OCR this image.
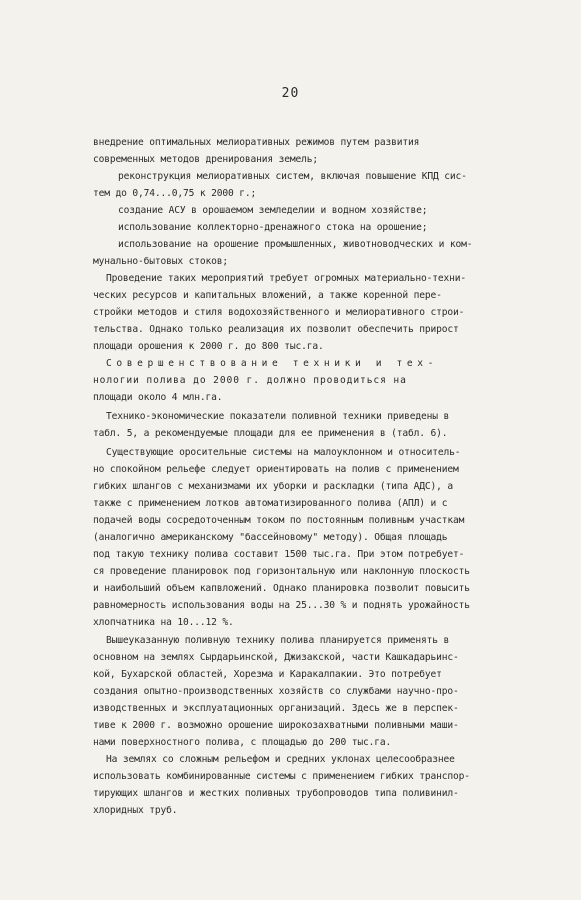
20
внедрение оптимальных мелиоративных режимов путем развития
современных методов дренирования земель;
реконструкция мелиоративных систем, включая повышение КПД сис-
тем до 0,74...0,75 к 2000 г.;
создание АСУ в орошаемом земледелии и водном хозяйстве;
использование коллекторно-дренажного стока на орошение;
использование на орошение промышленных, животноводческих и ком-
мунально-бытовых стоков;
Проведение таких мероприятий требует огромных материально-техни-
ческих ресурсов и капитальных вложений, а также коренной пере-
стройки методов и стиля водохозяйственного и мелиоративного строи-
тельства. Однако только реализация их позволит обеспечить прирост
площади орошения к 2000 г. до 800 тыс.га.
Совершенствование техники и тех-
нологии полива до 2000 г. должно проводиться на
площади около 4 млн.га.
Технико-экономические показатели поливной техники приведены в
табл. 5, а рекомендуемые площади для ее применения в (табл. 6).
Существующие оросительные системы на малоуклонном и относитель-
но спокойном рельефе следует ориентировать на полив с применением
гибких шлангов с механизмами их уборки и раскладки (типа АДС), а
также с применением лотков автоматизированного полива (АПЛ) и с
подачей воды сосредоточенным током по постоянным поливным участкам
(аналогично американскому "бассейновому" методу). Общая площадь
под такую технику полива составит 1500 тыс.га. При этом потребует-
ся проведение планировок под горизонтальную или наклонную плоскость
и наибольший объем капвложений. Однако планировка позволит повысить
равномерность использования воды на 25...30 % и поднять урожайность
хлопчатника на 10...12 %.
Вышеуказанную поливную технику полива планируется применять в
основном на землях Сырдарьинской, Джизакской, части Кашкадарьинс-
кой, Бухарской областей, Хорезма и Каракалпакии. Это потребует
создания опытно-производственных хозяйств со службами научно-про-
изводственных и эксплуатационных организаций. Здесь же в перспек-
тиве к 2000 г. возможно орошение широкозахватными поливными маши-
нами поверхностного полива, с площадью до 200 тыс.га.
На землях со сложным рельефом и средних уклонах целесообразнее
использовать комбинированные системы с применением гибких транспор-
тирующих шлангов и жестких поливных трубопроводов типа поливинил-
хлоридных труб.
